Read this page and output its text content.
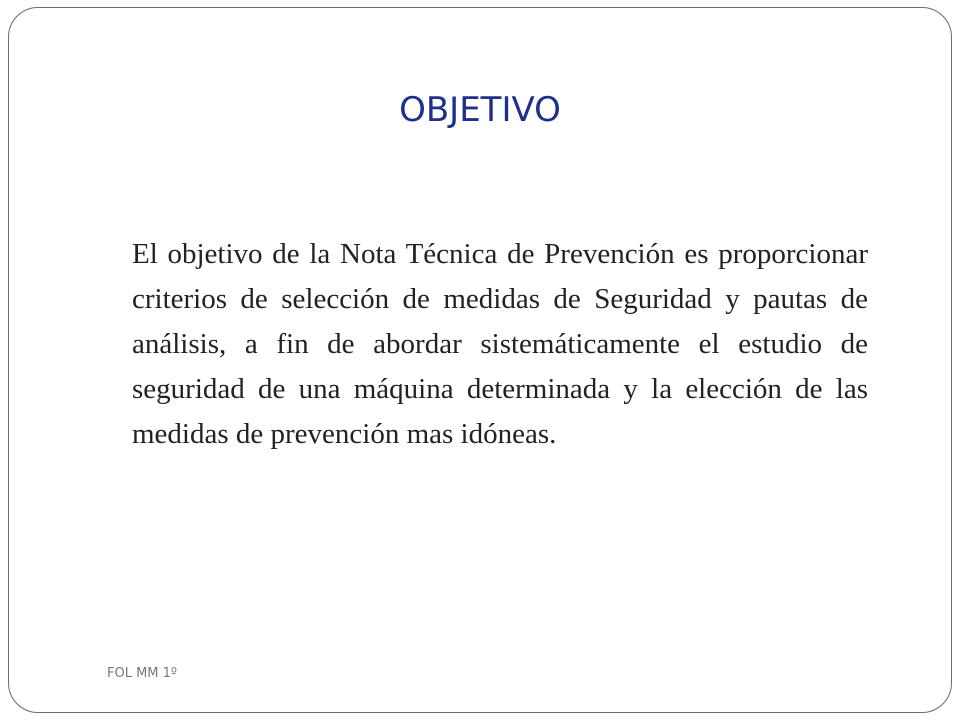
OBJETIVO

El objetivo de la Nota Técnica de Prevención es proporcionar criterios de selección de medidas de Seguridad y pautas de análisis, a fin de abordar sistemáticamente el estudio de seguridad de una máquina determinada y la elección de las medidas de prevención mas idóneas.

FOL MM 1º
